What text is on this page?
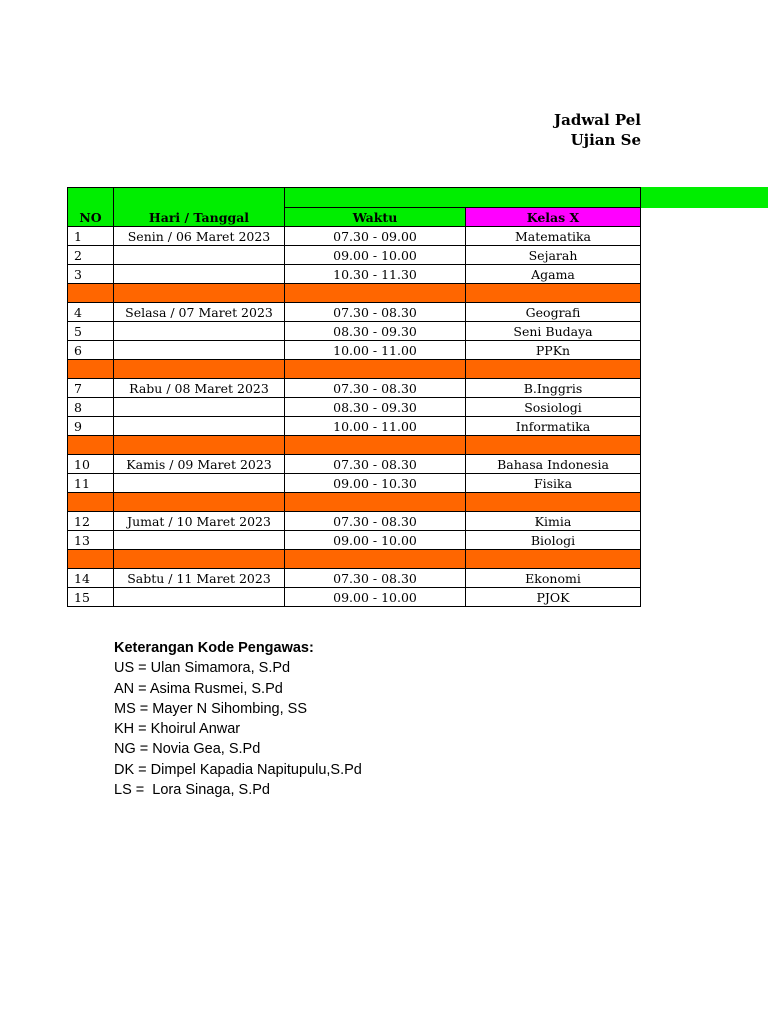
Jadwal Pel
Ujian Se
NO	Hari / Tanggal		
		Waktu	Kelas X
1	Senin / 06 Maret 2023	07.30 - 09.00	Matematika
2		09.00 - 10.00	Sejarah
3		10.30 - 11.30	Agama

4	Selasa / 07 Maret 2023	07.30 - 08.30	Geografi
5		08.30 - 09.30	Seni Budaya
6		10.00 - 11.00	PPKn

7	Rabu / 08 Maret 2023	07.30 - 08.30	B.Inggris
8		08.30 - 09.30	Sosiologi
9		10.00 - 11.00	Informatika

10	Kamis / 09 Maret 2023	07.30 - 08.30	Bahasa Indonesia
11		09.00 - 10.30	Fisika

12	Jumat / 10 Maret 2023	07.30 - 08.30	Kimia
13		09.00 - 10.00	Biologi

14	Sabtu / 11 Maret 2023	07.30 - 08.30	Ekonomi
15		09.00 - 10.00	PJOK
Keterangan Kode Pengawas:
US = Ulan Simamora, S.Pd
AN = Asima Rusmei, S.Pd
MS = Mayer N Sihombing, SS
KH = Khoirul Anwar
NG = Novia Gea, S.Pd
DK = Dimpel Kapadia Napitupulu,S.Pd
LS =  Lora Sinaga, S.Pd
